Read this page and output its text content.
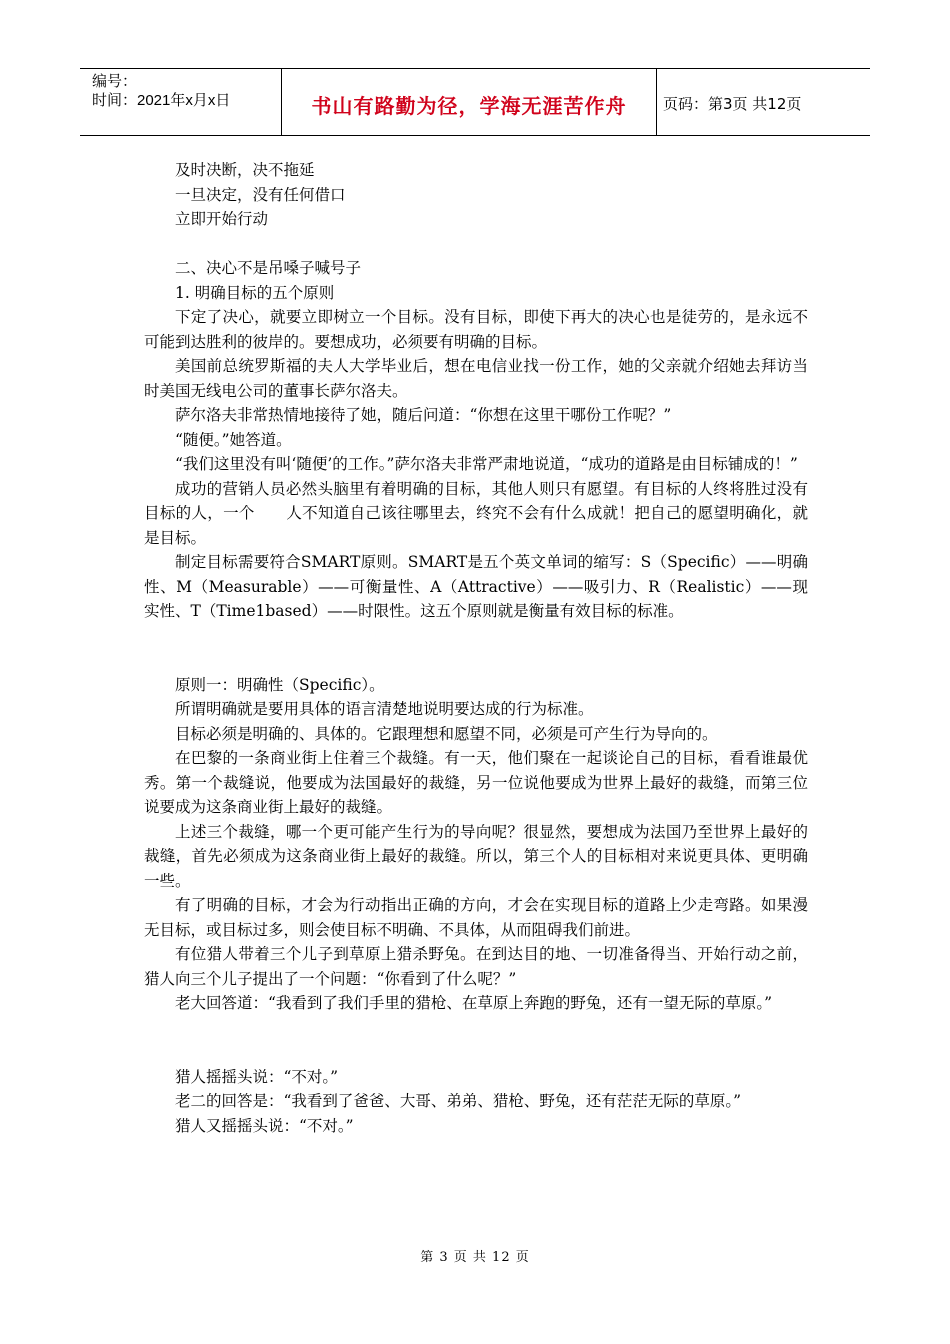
编号：
时间：2021年x月x日	书山有路勤为径，学海无涯苦作舟	页码：第3页 共12页

及时决断，决不拖延

一旦决定，没有任何借口

立即开始行动

二、决心不是吊嗓子喊号子

1. 明确目标的五个原则

下定了决心，就要立即树立一个目标。没有目标，即使下再大的决心也是徒劳的，是永远不可能到达胜利的彼岸的。要想成功，必须要有明确的目标。

美国前总统罗斯福的夫人大学毕业后，想在电信业找一份工作，她的父亲就介绍她去拜访当时美国无线电公司的董事长萨尔洛夫。

萨尔洛夫非常热情地接待了她，随后问道：“你想在这里干哪份工作呢？”

“随便。”她答道。

“我们这里没有叫‘随便’的工作。”萨尔洛夫非常严肃地说道，“成功的道路是由目标铺成的！”

成功的营销人员必然头脑里有着明确的目标，其他人则只有愿望。有目标的人终将胜过没有目标的人，一个　　人不知道自己该往哪里去，终究不会有什么成就！把自己的愿望明确化，就是目标。

制定目标需要符合SMART原则。SMART是五个英文单词的缩写：S（Specific）——明确性、M（Measurable）——可衡量性、A（Attractive）——吸引力、R（Realistic）——现实性、T（Time1based）——时限性。这五个原则就是衡量有效目标的标准。

原则一：明确性（Specific）。

所谓明确就是要用具体的语言清楚地说明要达成的行为标准。

目标必须是明确的、具体的。它跟理想和愿望不同，必须是可产生行为导向的。

在巴黎的一条商业街上住着三个裁缝。有一天，他们聚在一起谈论自己的目标，看看谁最优秀。第一个裁缝说，他要成为法国最好的裁缝，另一位说他要成为世界上最好的裁缝，而第三位说要成为这条商业街上最好的裁缝。

上述三个裁缝，哪一个更可能产生行为的导向呢？很显然，要想成为法国乃至世界上最好的裁缝，首先必须成为这条商业街上最好的裁缝。所以，第三个人的目标相对来说更具体、更明确一些。

有了明确的目标，才会为行动指出正确的方向，才会在实现目标的道路上少走弯路。如果漫无目标，或目标过多，则会使目标不明确、不具体，从而阻碍我们前进。

有位猎人带着三个儿子到草原上猎杀野兔。在到达目的地、一切准备得当、开始行动之前，猎人向三个儿子提出了一个问题：“你看到了什么呢？”

老大回答道：“我看到了我们手里的猎枪、在草原上奔跑的野兔，还有一望无际的草原。”

猎人摇摇头说：“不对。”

老二的回答是：“我看到了爸爸、大哥、弟弟、猎枪、野兔，还有茫茫无际的草原。”

猎人又摇摇头说：“不对。”

第 3 页 共 12 页
